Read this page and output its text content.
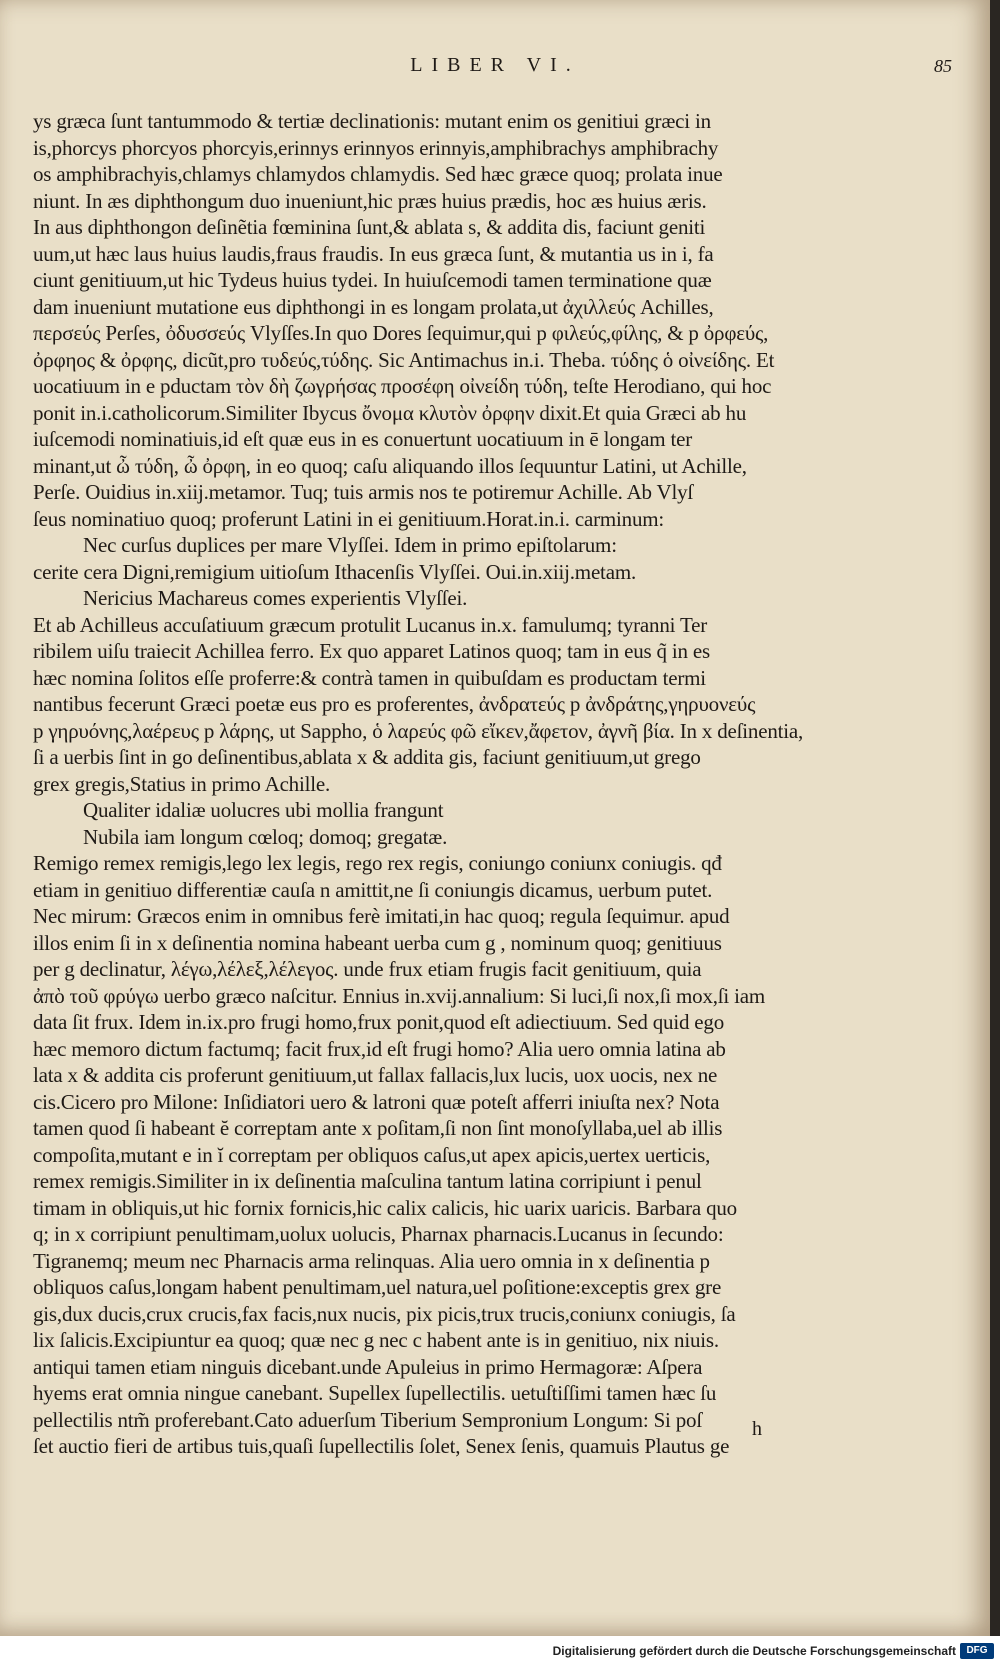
LIBER VI.	85
ys græca ſunt tantummodo & tertiæ declinationis: mutant enim os genitiui græci in
is,phorcys phorcyos phorcyis,erinnys erinnyos erinnyis,amphibrachys amphibrachy
os amphibrachyis,chlamys chlamydos chlamydis. Sed hæc græce quoq; prolata inue
niunt. In æs diphthongum duo inueniunt,hic præs huius prædis, hoc æs huius æris.
In aus diphthongon deſinẽtia fœminina ſunt,& ablata s, & addita dis, faciunt geniti
uum,ut hæc laus huius laudis,fraus fraudis. In eus græca ſunt, & mutantia us in i, fa
ciunt genitiuum,ut hic Tydeus huius tydei. In huiuſcemodi tamen terminatione quæ
dam inueniunt mutatione eus diphthongi in es longam prolata,ut ἀχιλλεύς Achilles,
περσεύς Perſes, ὀδυσσεύς Vlyſſes.In quo Dores ſequimur,qui p φιλεύς,φίλης, & p ὀρφεύς,
ὀρφηος & ὀρφης, dicũt,pro τυδεύς,τύδης. Sic Antimachus in.i. Theba. τύδης ὁ οἰνείδης. Et
uocatiuum in e pductam τὸν δὴ ζωγρήσας προσέφη οἰνείδη τύδη, teſte Herodiano, qui hoc
ponit in.i.catholicorum.Similiter Ibycus ὄνομα κλυτὸν ὀρφην dixit.Et quia Græci ab hu
iuſcemodi nominatiuis,id eſt quæ eus in es conuertunt uocatiuum in ē longam ter
minant,ut ὦ τύδη, ὦ ὀρφη, in eo quoq; caſu aliquando illos ſequuntur Latini, ut Achille,
Perſe. Ouidius in.xiij.metamor. Tuq; tuis armis nos te potiremur Achille. Ab Vlyſ
ſeus nominatiuo quoq; proferunt Latini in ei genitiuum.Horat.in.i. carminum:
Nec curſus duplices per mare Vlyſſei. Idem in primo epiſtolarum:
cerite cera Digni,remigium uitioſum Ithacenſis Vlyſſei. Oui.in.xiij.metam.
Nericius Machareus comes experientis Vlyſſei.
Et ab Achilleus accuſatiuum græcum protulit Lucanus in.x. famulumq; tyranni Ter
ribilem uiſu traiecit Achillea ferro. Ex quo apparet Latinos quoq; tam in eus q̃ in es
hæc nomina ſolitos eſſe proferre:& contrà tamen in quibuſdam es productam termi
nantibus fecerunt Græci poetæ eus pro es proferentes, ἀνδρατεύς p ἀνδράτης,γηρυονεύς
p γηρυόνης,λαέρευς p λάρης, ut Sappho, ὁ λαρεύς φῶ εἴκεν,ἄφετον, ἀγνῆ βία. In x deſinentia,
ſi a uerbis ſint in go deſinentibus,ablata x & addita gis, faciunt genitiuum,ut grego
grex gregis,Statius in primo Achille.
Qualiter idaliæ uolucres ubi mollia frangunt
Nubila iam longum cœloq; domoq; gregatæ.
Remigo remex remigis,lego lex legis, rego rex regis, coniungo coniunx coniugis. qđ
etiam in genitiuo differentiæ cauſa n amittit,ne ſi coniungis dicamus, uerbum putet.
Nec mirum: Græcos enim in omnibus ferè imitati,in hac quoq; regula ſequimur. apud
illos enim ſi in x deſinentia nomina habeant uerba cum g , nominum quoq; genitiuus
per g declinatur, λέγω,λέλεξ,λέλεγος. unde frux etiam frugis facit genitiuum, quia
ἀπὸ τοῦ φρύγω uerbo græco naſcitur. Ennius in.xvij.annalium: Si luci,ſi nox,ſi mox,ſi iam
data ſit frux. Idem in.ix.pro frugi homo,frux ponit,quod eſt adiectiuum. Sed quid ego
hæc memoro dictum factumq; facit frux,id eſt frugi homo? Alia uero omnia latina ab
lata x & addita cis proferunt genitiuum,ut fallax fallacis,lux lucis, uox uocis, nex ne
cis.Cicero pro Milone: Inſidiatori uero & latroni quæ poteſt afferri iniuſta nex? Nota
tamen quod ſi habeant ĕ correptam ante x poſitam,ſi non ſint monoſyllaba,uel ab illis
compoſita,mutant e in ĭ correptam per obliquos caſus,ut apex apicis,uertex uerticis,
remex remigis.Similiter in ix deſinentia maſculina tantum latina corripiunt i penul
timam in obliquis,ut hic fornix fornicis,hic calix calicis, hic uarix uaricis. Barbara quo
q; in x corripiunt penultimam,uolux uolucis, Pharnax pharnacis.Lucanus in ſecundo:
Tigranemq; meum nec Pharnacis arma relinquas. Alia uero omnia in x deſinentia p
obliquos caſus,longam habent penultimam,uel natura,uel poſitione:exceptis grex gre
gis,dux ducis,crux crucis,fax facis,nux nucis, pix picis,trux trucis,coniunx coniugis, ſa
lix ſalicis.Excipiuntur ea quoq; quæ nec g nec c habent ante is in genitiuo, nix niuis.
antiqui tamen etiam ninguis dicebant.unde Apuleius in primo Hermagoræ: Aſpera
hyems erat omnia ningue canebant. Supellex ſupellectilis. uetuſtiſſimi tamen hæc ſu
pellectilis ntm̃ proferebant.Cato aduerſum Tiberium Sempronium Longum: Si poſ
ſet auctio fieri de artibus tuis,quaſi ſupellectilis ſolet, Senex ſenis, quamuis Plautus ge
h
Digitalisierung gefördert durch die Deutsche Forschungsgemeinschaft	DFG
